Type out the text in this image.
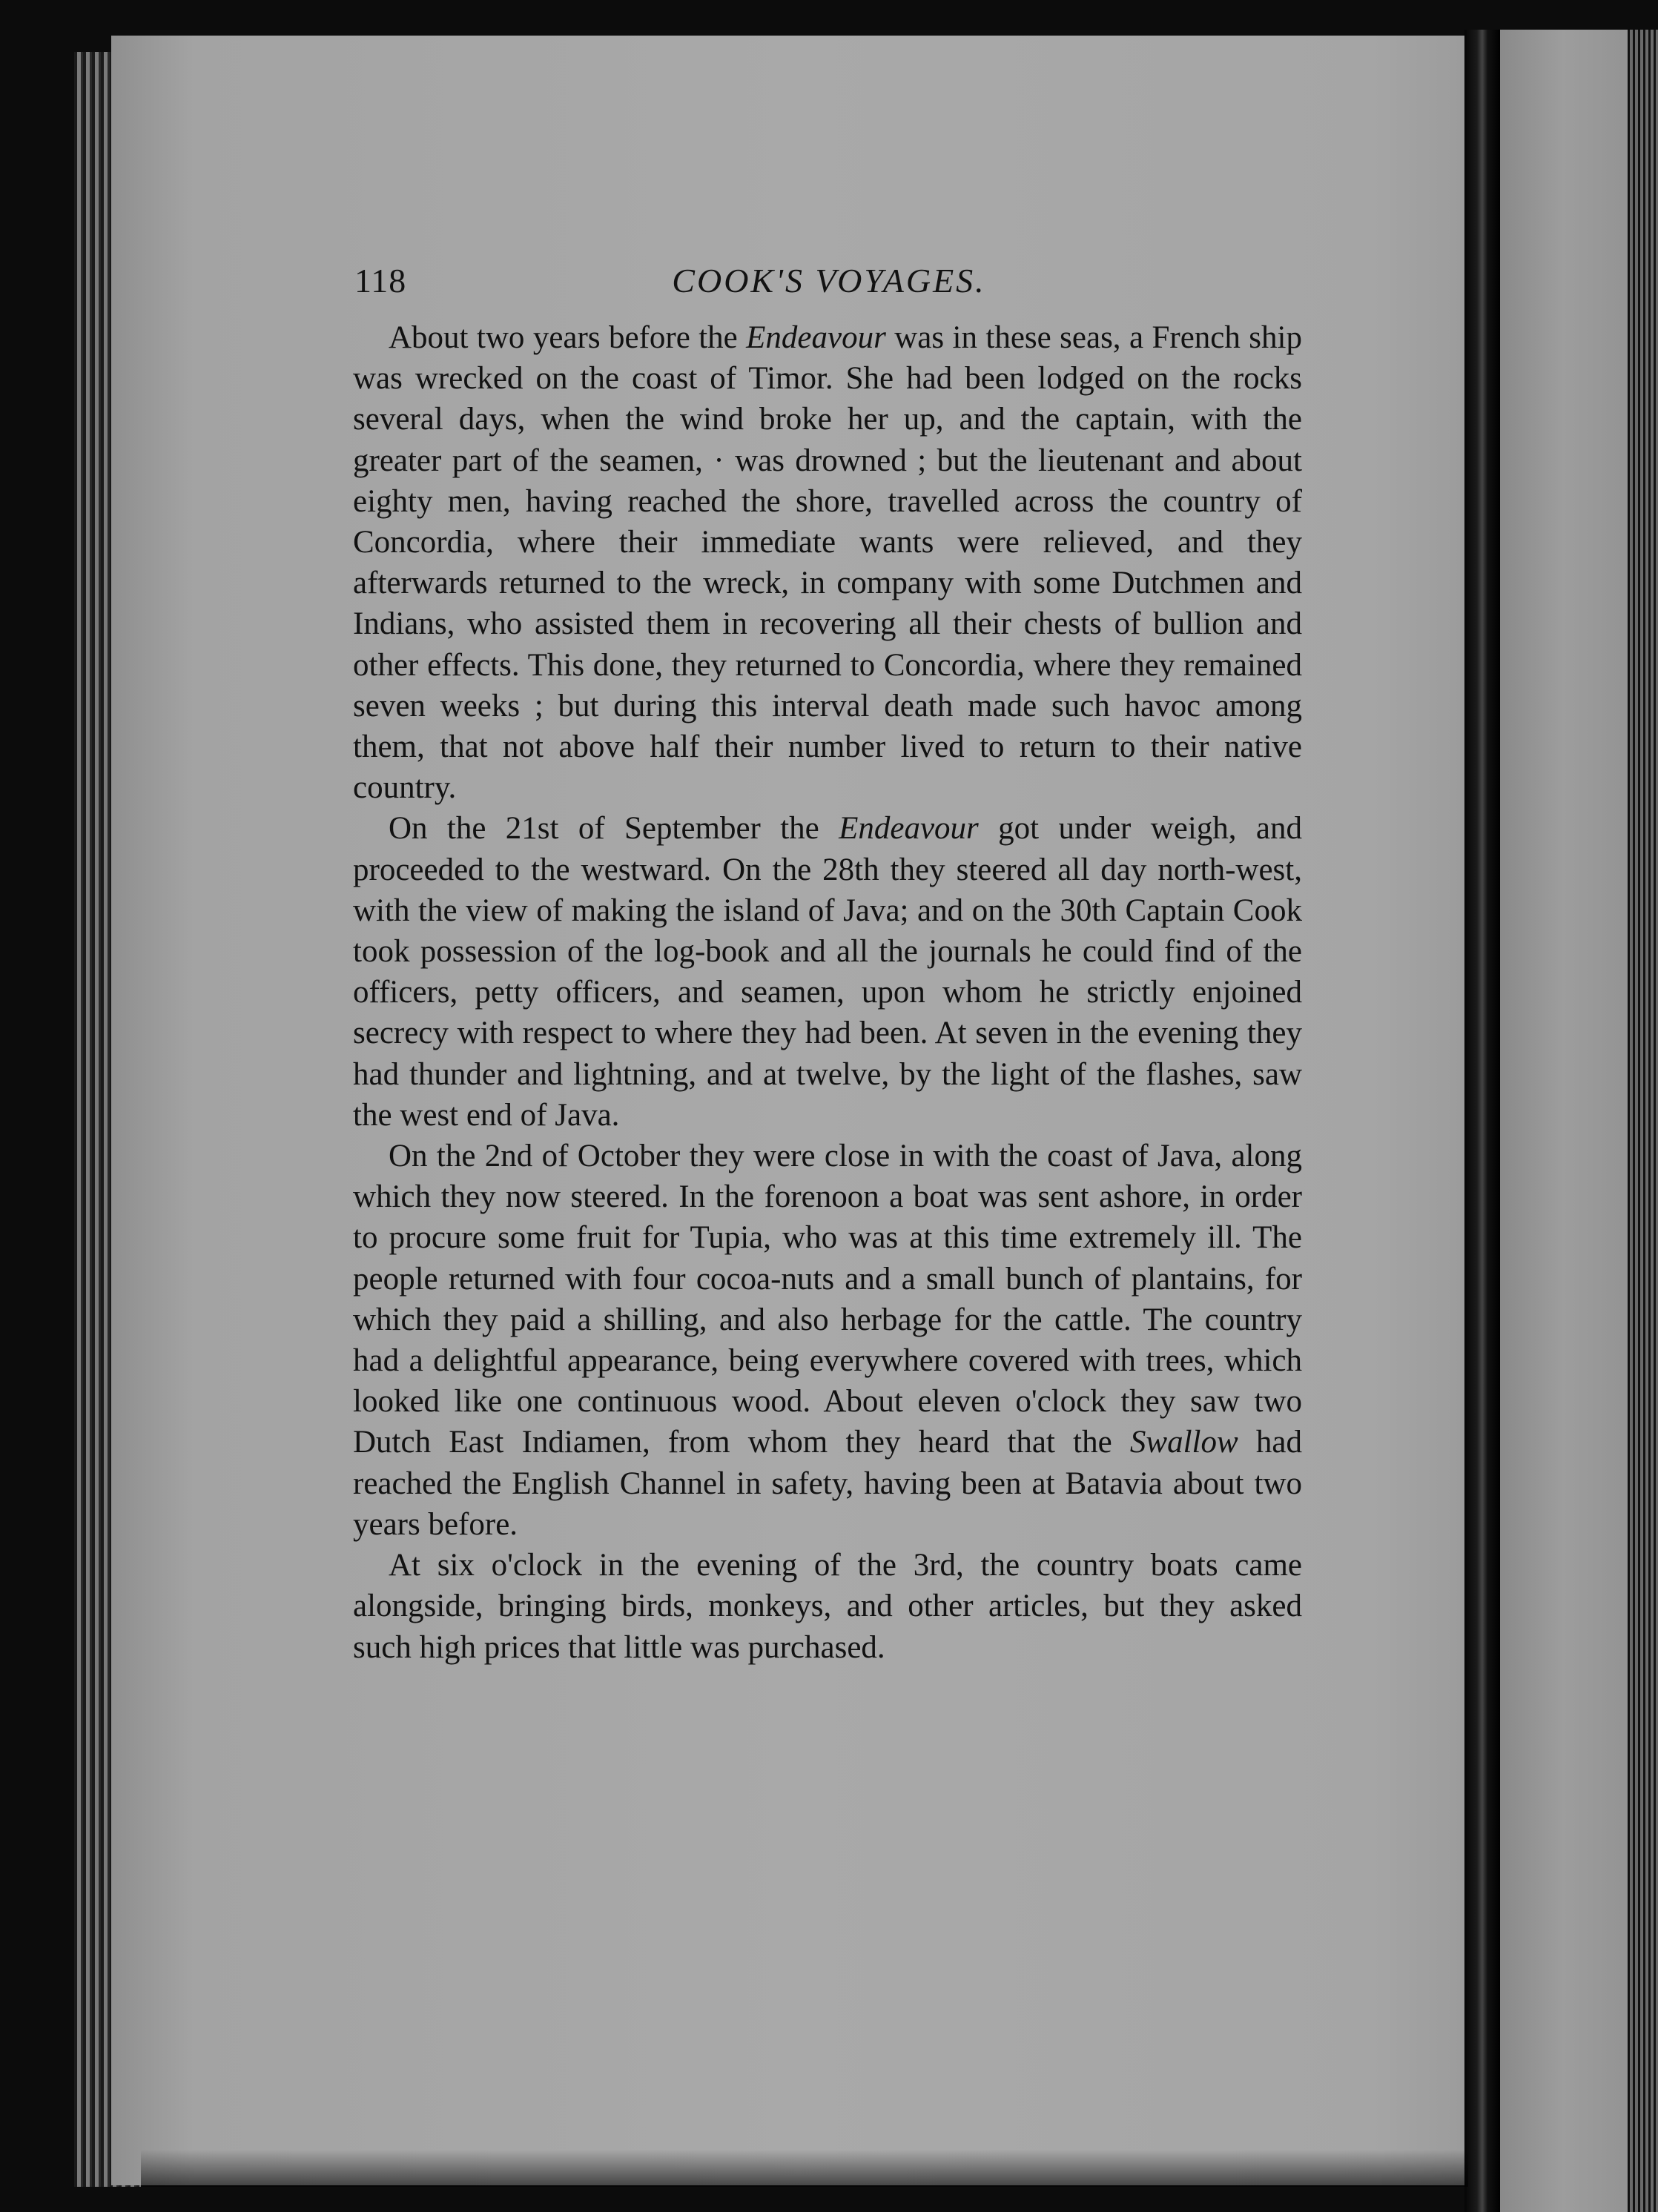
118	COOK'S VOYAGES.

About two years before the Endeavour was in these seas, a French ship was wrecked on the coast of Timor. She had been lodged on the rocks several days, when the wind broke her up, and the captain, with the greater part of the seamen, · was drowned ; but the lieutenant and about eighty men, having reached the shore, travelled across the country of Concordia, where their immediate wants were relieved, and they afterwards returned to the wreck, in company with some Dutchmen and Indians, who assisted them in recovering all their chests of bullion and other effects. This done, they returned to Concordia, where they remained seven weeks ; but during this interval death made such havoc among them, that not above half their number lived to return to their native country.

On the 21st of September the Endeavour got under weigh, and proceeded to the westward. On the 28th they steered all day north-west, with the view of making the island of Java; and on the 30th Captain Cook took possession of the log-book and all the journals he could find of the officers, petty officers, and seamen, upon whom he strictly enjoined secrecy with respect to where they had been. At seven in the evening they had thunder and lightning, and at twelve, by the light of the flashes, saw the west end of Java.

On the 2nd of October they were close in with the coast of Java, along which they now steered. In the forenoon a boat was sent ashore, in order to procure some fruit for Tupia, who was at this time extremely ill. The people returned with four cocoa-nuts and a small bunch of plantains, for which they paid a shilling, and also herbage for the cattle. The country had a delightful appearance, being everywhere covered with trees, which looked like one continuous wood. About eleven o'clock they saw two Dutch East Indiamen, from whom they heard that the Swallow had reached the English Channel in safety, having been at Batavia about two years before.

At six o'clock in the evening of the 3rd, the country boats came alongside, bringing birds, monkeys, and other articles, but they asked such high prices that little was purchased.
